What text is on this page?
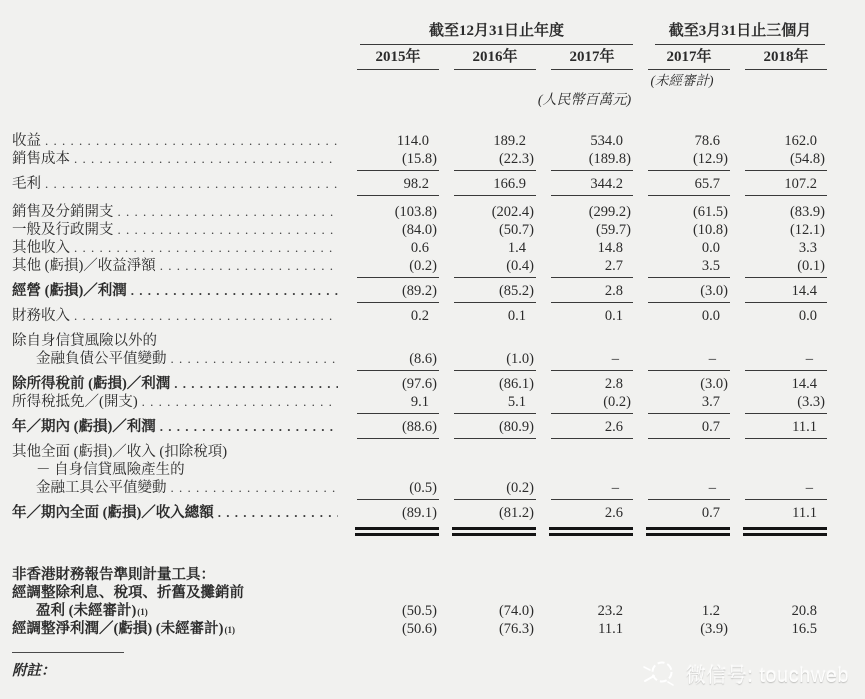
截至12月31日止年度	截至3月31日止三個月
2015年	2016年	2017年	2017年	2018年
(未經審計)
(人民幣百萬元)
收益 . . .	114.0	189.2	534.0	78.6	162.0
銷售成本 . . .	(15.8)	(22.3)	(189.8)	(12.9)	(54.8)
毛利 . . .	98.2	166.9	344.2	65.7	107.2
銷售及分銷開支 . . .	(103.8)	(202.4)	(299.2)	(61.5)	(83.9)
一般及行政開支 . . .	(84.0)	(50.7)	(59.7)	(10.8)	(12.1)
其他收入 . . .	0.6	1.4	14.8	0.0	3.3
其他 (虧損)／收益淨額 . . .	(0.2)	(0.4)	2.7	3.5	(0.1)
經營 (虧損)／利潤 . . .	(89.2)	(85.2)	2.8	(3.0)	14.4
財務收入 . . .	0.2	0.1	0.1	0.0	0.0
除自身信貸風險以外的
金融負債公平值變動 . . .	(8.6)	(1.0)	–	–	–
除所得稅前 (虧損)／利潤 . . .	(97.6)	(86.1)	2.8	(3.0)	14.4
所得稅抵免／(開支) . . .	9.1	5.1	(0.2)	3.7	(3.3)
年／期內 (虧損)／利潤 . . .	(88.6)	(80.9)	2.6	0.7	11.1
其他全面 (虧損)／收入 (扣除稅項)
－ 自身信貸風險產生的
金融工具公平值變動 . . .	(0.5)	(0.2)	–	–	–
年／期內全面 (虧損)／收入總額 . . .	(89.1)	(81.2)	2.6	0.7	11.1
非香港財務報告準則計量工具：
經調整除利息、稅項、折舊及攤銷前
盈利 (未經審計) (1)	(50.5)	(74.0)	23.2	1.2	20.8
經調整淨利潤／(虧損) (未經審計) (1)	(50.6)	(76.3)	11.1	(3.9)	16.5
附註：	微信号: touchweb
